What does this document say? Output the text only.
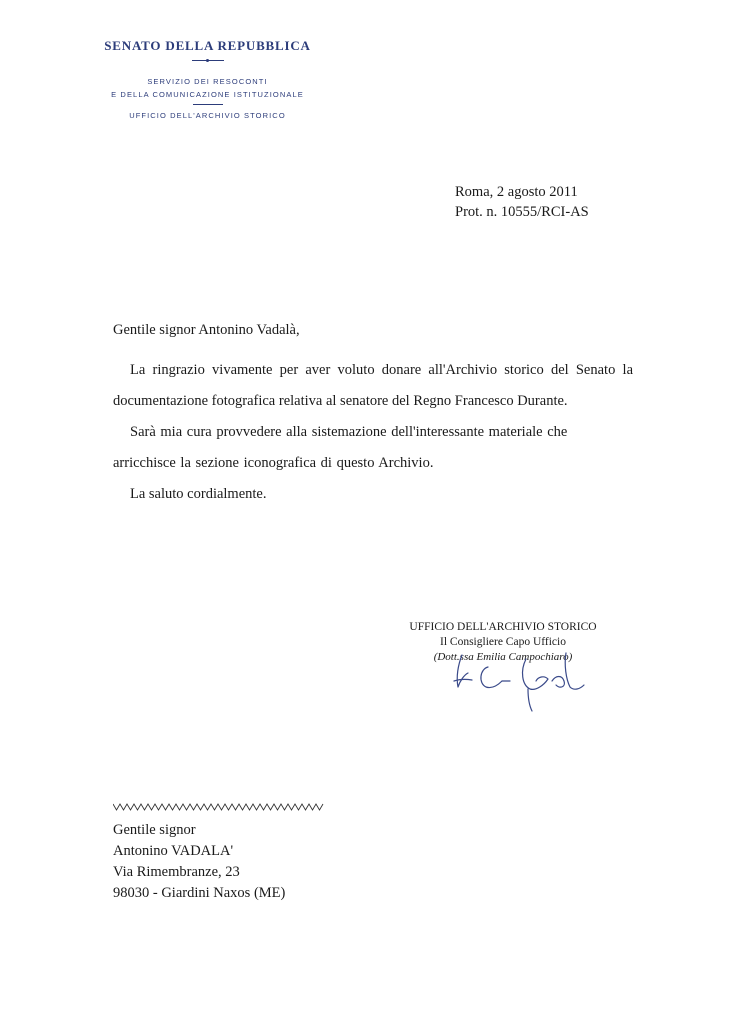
SENATO DELLA REPUBBLICA
SERVIZIO DEI RESOCONTI
E DELLA COMUNICAZIONE ISTITUZIONALE
UFFICIO DELL'ARCHIVIO STORICO
Roma, 2 agosto 2011
Prot. n. 10555/RCI-AS
Gentile signor Antonino Vadalà,

La ringrazio vivamente per aver voluto donare all'Archivio storico del Senato la documentazione fotografica relativa al senatore del Regno Francesco Durante.

Sarà mia cura provvedere alla sistemazione dell'interessante materiale che arricchisce la sezione iconografica di questo Archivio.

La saluto cordialmente.

UFFICIO DELL'ARCHIVIO STORICO
Il Consigliere Capo Ufficio
(Dott.ssa Emilia Campochiaro)
Gentile signor
Antonino VADALA'
Via Rimembranze, 23
98030 - Giardini Naxos (ME)
